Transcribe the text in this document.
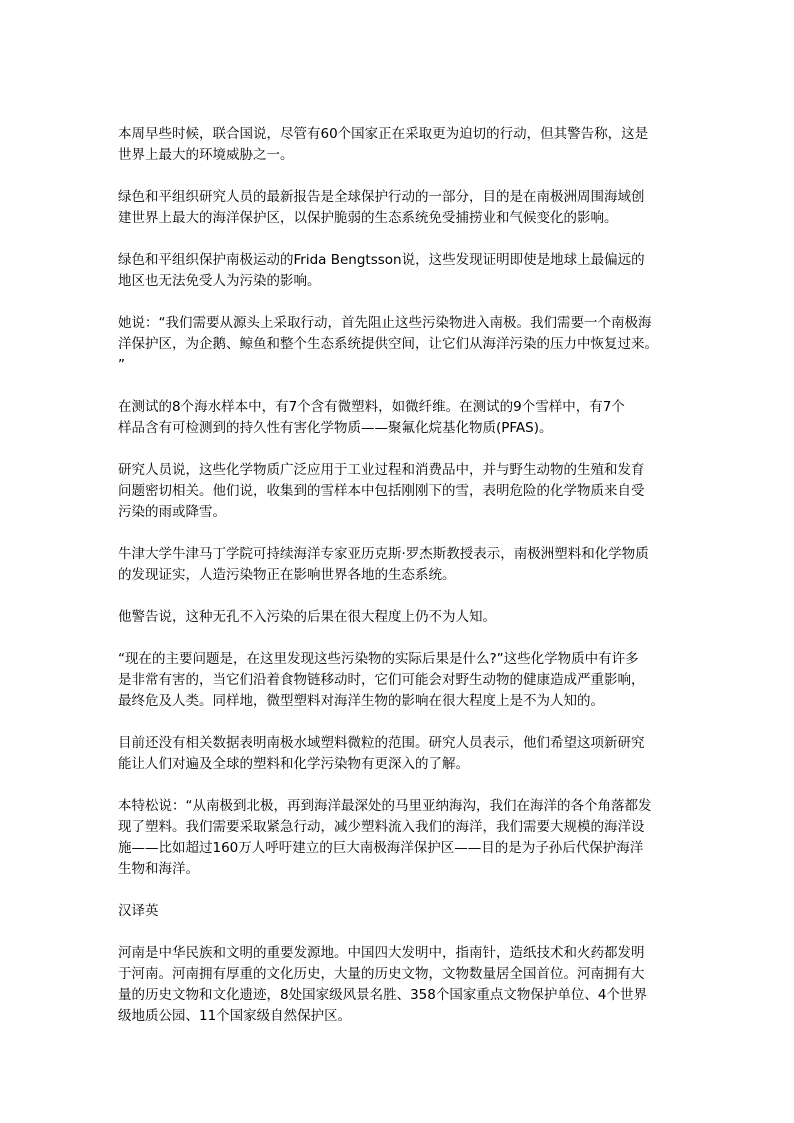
本周早些时候，联合国说，尽管有60个国家正在采取更为迫切的行动，但其警告称，这是
世界上最大的环境威胁之一。

绿色和平组织研究人员的最新报告是全球保护行动的一部分，目的是在南极洲周围海域创
建世界上最大的海洋保护区，以保护脆弱的生态系统免受捕捞业和气候变化的影响。

绿色和平组织保护南极运动的Frida Bengtsson说，这些发现证明即使是地球上最偏远的
地区也无法免受人为污染的影响。

她说：“我们需要从源头上采取行动，首先阻止这些污染物进入南极。我们需要一个南极海
洋保护区，为企鹅、鲸鱼和整个生态系统提供空间，让它们从海洋污染的压力中恢复过来。
”

在测试的8个海水样本中，有7个含有微塑料，如微纤维。在测试的9个雪样中，有7个
样品含有可检测到的持久性有害化学物质——聚氟化烷基化物质(PFAS)。

研究人员说，这些化学物质广泛应用于工业过程和消费品中，并与野生动物的生殖和发育
问题密切相关。他们说，收集到的雪样本中包括刚刚下的雪，表明危险的化学物质来自受
污染的雨或降雪。

牛津大学牛津马丁学院可持续海洋专家亚历克斯·罗杰斯教授表示，南极洲塑料和化学物质
的发现证实，人造污染物正在影响世界各地的生态系统。

他警告说，这种无孔不入污染的后果在很大程度上仍不为人知。

“现在的主要问题是，在这里发现这些污染物的实际后果是什么?”这些化学物质中有许多
是非常有害的，当它们沿着食物链移动时，它们可能会对野生动物的健康造成严重影响，
最终危及人类。同样地，微型塑料对海洋生物的影响在很大程度上是不为人知的。

目前还没有相关数据表明南极水域塑料微粒的范围。研究人员表示，他们希望这项新研究
能让人们对遍及全球的塑料和化学污染物有更深入的了解。

本特松说：“从南极到北极，再到海洋最深处的马里亚纳海沟，我们在海洋的各个角落都发
现了塑料。我们需要采取紧急行动，减少塑料流入我们的海洋，我们需要大规模的海洋设
施——比如超过160万人呼吁建立的巨大南极海洋保护区——目的是为子孙后代保护海洋
生物和海洋。

汉译英

河南是中华民族和文明的重要发源地。中国四大发明中，指南针，造纸技术和火药都发明
于河南。河南拥有厚重的文化历史，大量的历史文物，文物数量居全国首位。河南拥有大
量的历史文物和文化遗迹，8处国家级风景名胜、358个国家重点文物保护单位、4个世界
级地质公园、11个国家级自然保护区。
